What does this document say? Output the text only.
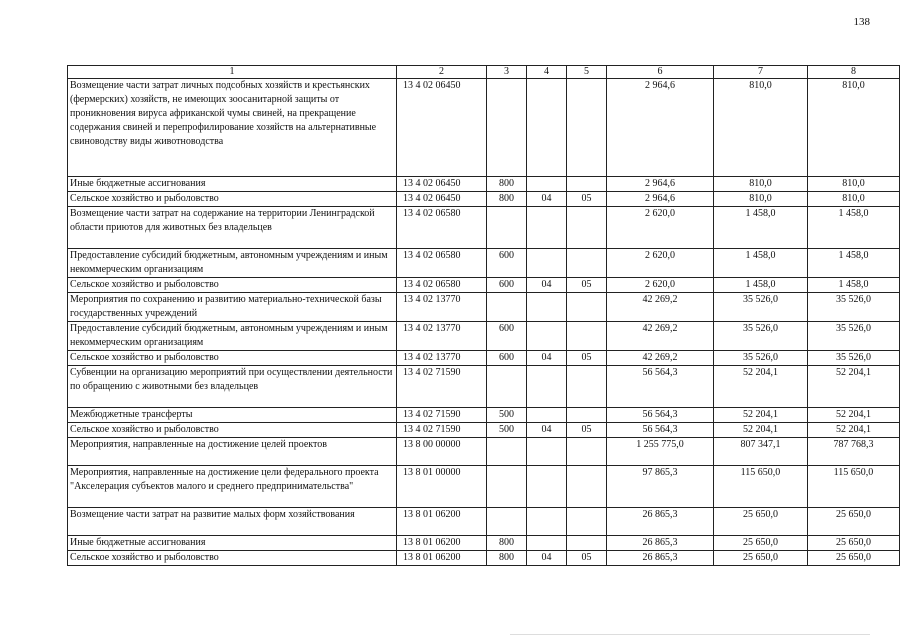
138
1	2	3	4	5	6	7	8
Возмещение части затрат личных подсобных хозяйств и крестьянских (фермерских) хозяйств, не имеющих зоосанитарной защиты от проникновения вируса африканской чумы свиней, на прекращение содержания свиней и перепрофилирование хозяйств на альтернативные свиноводству виды животноводства	13 4 02 06450				2 964,6	810,0	810,0
Иные бюджетные ассигнования	13 4 02 06450	800			2 964,6	810,0	810,0
Сельское хозяйство и рыболовство	13 4 02 06450	800	04	05	2 964,6	810,0	810,0
Возмещение части затрат на содержание на территории Ленинградской области приютов для животных без владельцев	13 4 02 06580				2 620,0	1 458,0	1 458,0
Предоставление субсидий бюджетным, автономным учреждениям и иным некоммерческим организациям	13 4 02 06580	600			2 620,0	1 458,0	1 458,0
Сельское хозяйство и рыболовство	13 4 02 06580	600	04	05	2 620,0	1 458,0	1 458,0
Мероприятия по сохранению и развитию материально-технической базы государственных учреждений	13 4 02 13770				42 269,2	35 526,0	35 526,0
Предоставление субсидий бюджетным, автономным учреждениям и иным некоммерческим организациям	13 4 02 13770	600			42 269,2	35 526,0	35 526,0
Сельское хозяйство и рыболовство	13 4 02 13770	600	04	05	42 269,2	35 526,0	35 526,0
Субвенции на организацию мероприятий при осуществлении деятельности по обращению с животными без владельцев	13 4 02 71590				56 564,3	52 204,1	52 204,1
Межбюджетные трансферты	13 4 02 71590	500			56 564,3	52 204,1	52 204,1
Сельское хозяйство и рыболовство	13 4 02 71590	500	04	05	56 564,3	52 204,1	52 204,1
Мероприятия, направленные на достижение целей проектов	13 8 00 00000				1 255 775,0	807 347,1	787 768,3
Мероприятия, направленные на достижение цели федерального проекта "Акселерация субъектов малого и среднего предпринимательства"	13 8 01 00000				97 865,3	115 650,0	115 650,0
Возмещение части затрат на развитие малых форм хозяйствования	13 8 01 06200				26 865,3	25 650,0	25 650,0
Иные бюджетные ассигнования	13 8 01 06200	800			26 865,3	25 650,0	25 650,0
Сельское хозяйство и рыболовство	13 8 01 06200	800	04	05	26 865,3	25 650,0	25 650,0
